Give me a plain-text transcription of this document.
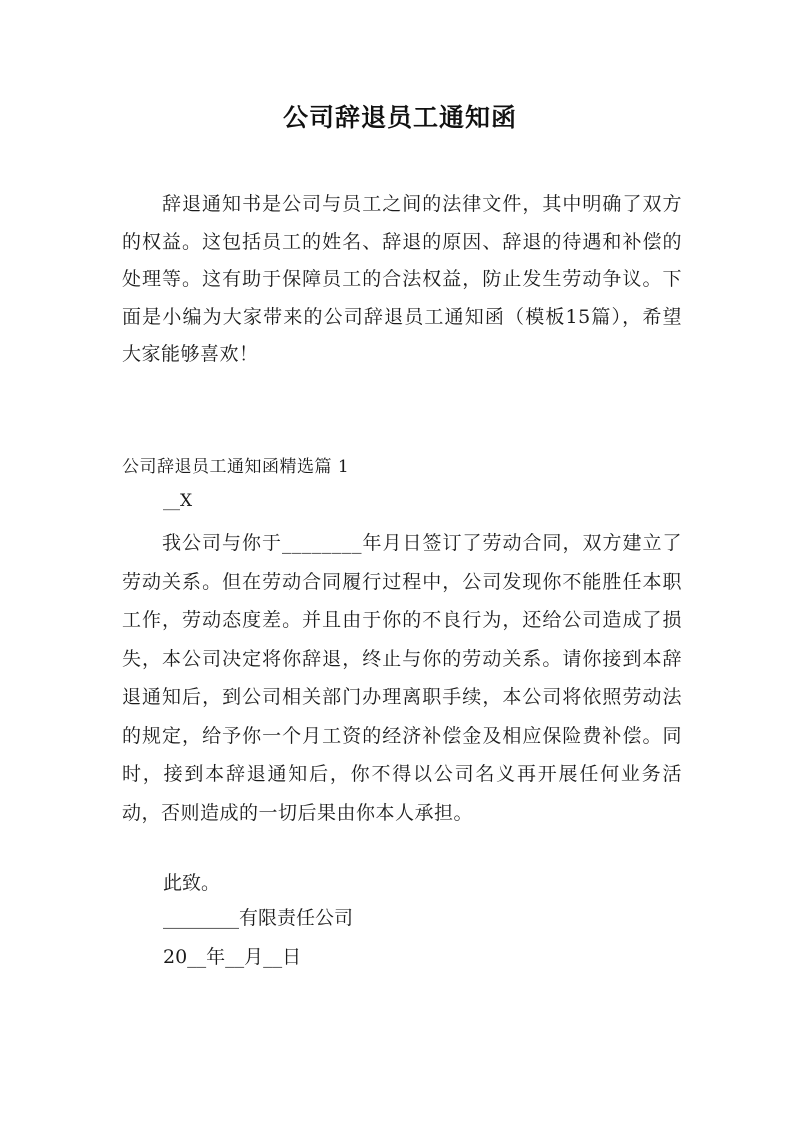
公司辞退员工通知函
辞退通知书是公司与员工之间的法律文件，其中明确了双方的权益。这包括员工的姓名、辞退的原因、辞退的待遇和补偿的处理等。这有助于保障员工的合法权益，防止发生劳动争议。下面是小编为大家带来的公司辞退员工通知函（模板15篇），希望大家能够喜欢！
公司辞退员工通知函精选篇 1
__X
我公司与你于________年月日签订了劳动合同，双方建立了劳动关系。但在劳动合同履行过程中，公司发现你不能胜任本职工作，劳动态度差。并且由于你的不良行为，还给公司造成了损失，本公司决定将你辞退，终止与你的劳动关系。请你接到本辞退通知后，到公司相关部门办理离职手续，本公司将依照劳动法的规定，给予你一个月工资的经济补偿金及相应保险费补偿。同时，接到本辞退通知后，你不得以公司名义再开展任何业务活动，否则造成的一切后果由你本人承担。
此致。
________有限责任公司
20__年__月__日
